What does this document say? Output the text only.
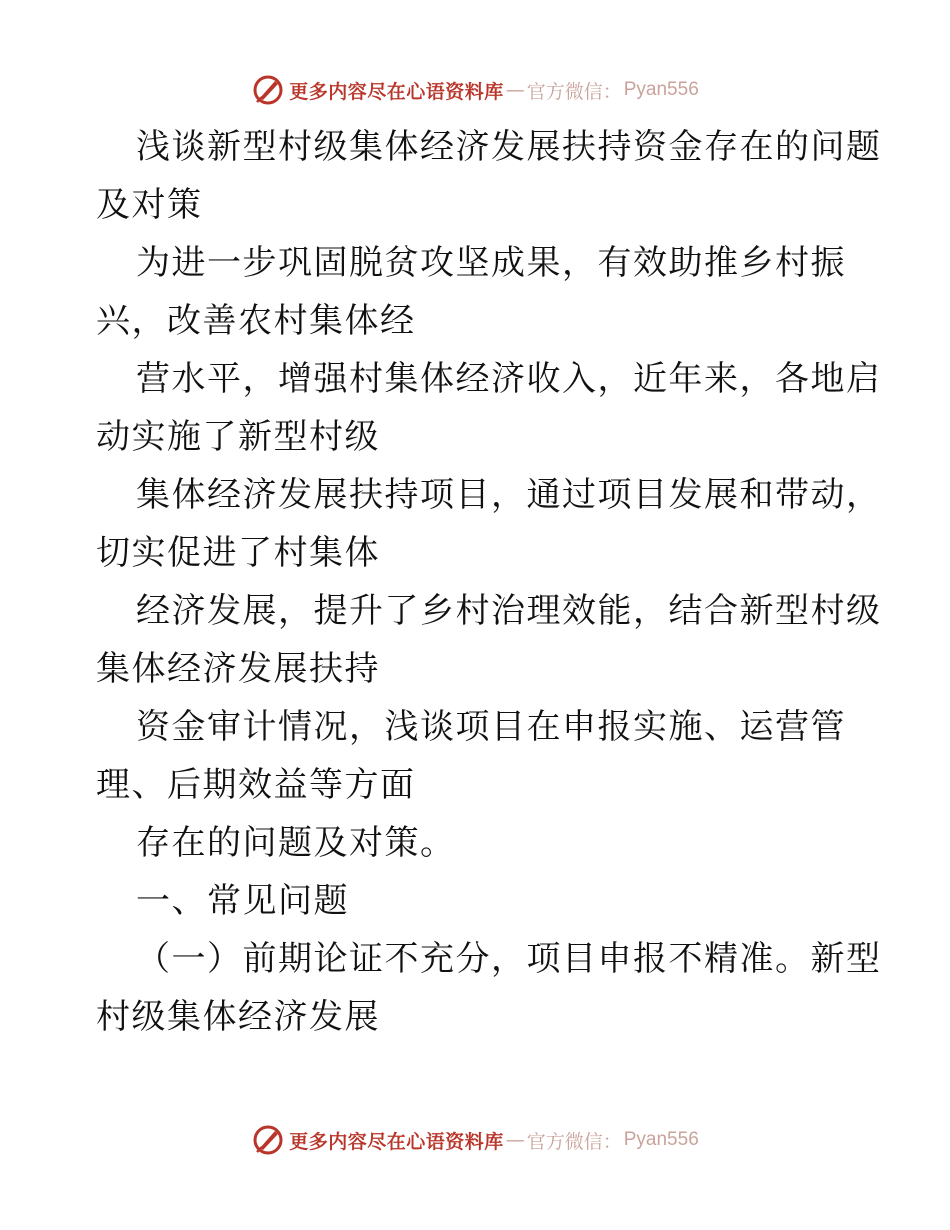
更多内容尽在心语资料库 — 官方微信： Pyan556
浅谈新型村级集体经济发展扶持资金存在的问题
及对策
为进一步巩固脱贫攻坚成果，有效助推乡村振
兴，改善农村集体经
营水平，增强村集体经济收入，近年来，各地启
动实施了新型村级
集体经济发展扶持项目，通过项目发展和带动，
切实促进了村集体
经济发展，提升了乡村治理效能，结合新型村级
集体经济发展扶持
资金审计情况，浅谈项目在申报实施、运营管
理、后期效益等方面
存在的问题及对策。
一、常见问题
（一）前期论证不充分，项目申报不精准。新型
村级集体经济发展
更多内容尽在心语资料库 — 官方微信： Pyan556
